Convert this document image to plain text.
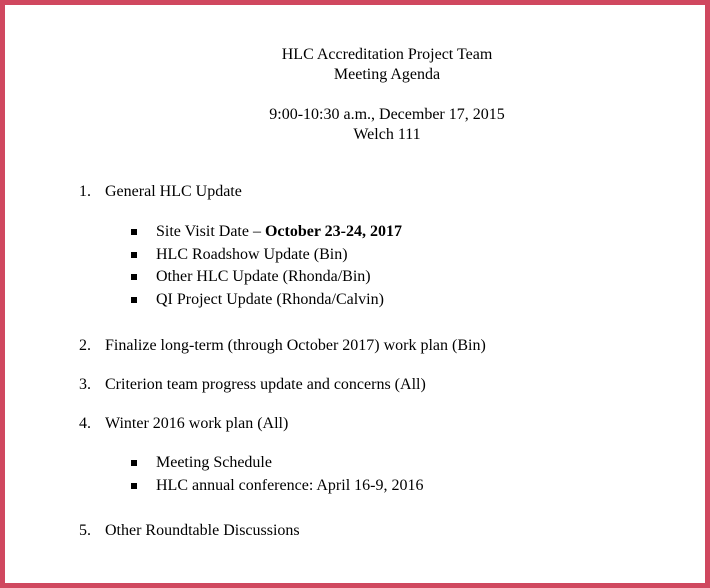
HLC Accreditation Project Team
Meeting Agenda
9:00-10:30 a.m., December 17, 2015
Welch 111
1. General HLC Update
Site Visit Date – October 23-24, 2017
HLC Roadshow Update (Bin)
Other HLC Update (Rhonda/Bin)
QI Project Update (Rhonda/Calvin)
2. Finalize long-term (through October 2017) work plan (Bin)
3. Criterion team progress update and concerns (All)
4. Winter 2016 work plan (All)
Meeting Schedule
HLC annual conference: April 16-9, 2016
5. Other Roundtable Discussions
